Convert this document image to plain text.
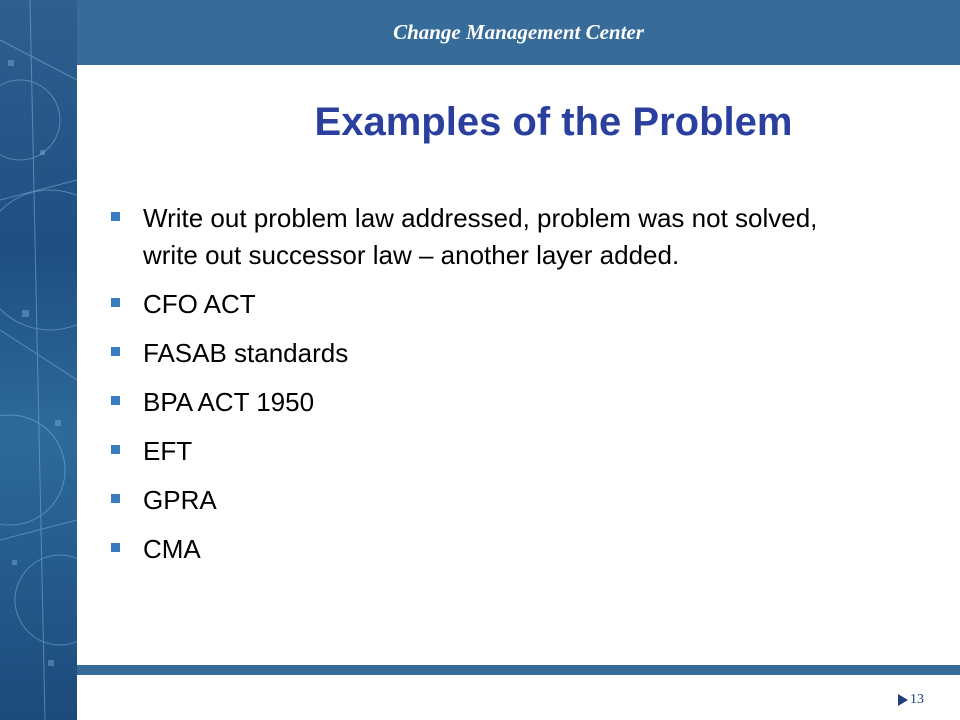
Change Management Center
Examples of the Problem
Write out problem law addressed, problem was not solved, write out successor law – another layer added.
CFO ACT
FASAB standards
BPA ACT 1950
EFT
GPRA
CMA
13
